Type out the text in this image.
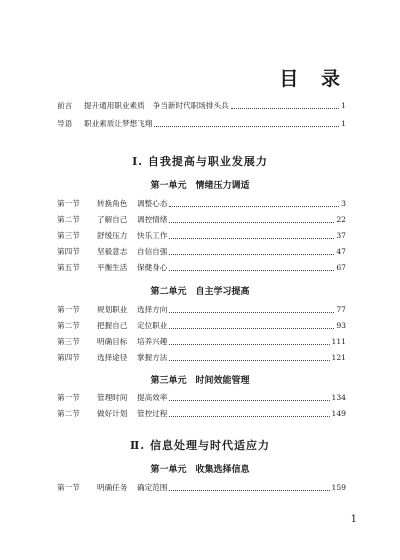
目 录
前言	提升通用职业素质 争当新时代职场排头兵	1
导语	职业素质让梦想飞翔	1
Ⅰ. 自我提高与职业发展力
第一单元 情绪压力调适
第一节	转换角色	调整心态	3
第二节	了解自己	调控情绪	22
第三节	舒缓压力	快乐工作	37
第四节	坚毅意志	自信自强	47
第五节	平衡生活	保健身心	67
第二单元 自主学习提高
第一节	规划职业	选择方向	77
第二节	把握自己	定位职业	93
第三节	明确目标	培养兴趣	111
第四节	选择途径	掌握方法	121
第三单元 时间效能管理
第一节	管理时间	提高效率	134
第二节	做好计划	管控过程	149
Ⅱ. 信息处理与时代适应力
第一单元 收集选择信息
第一节	明确任务	确定范围	159
1
